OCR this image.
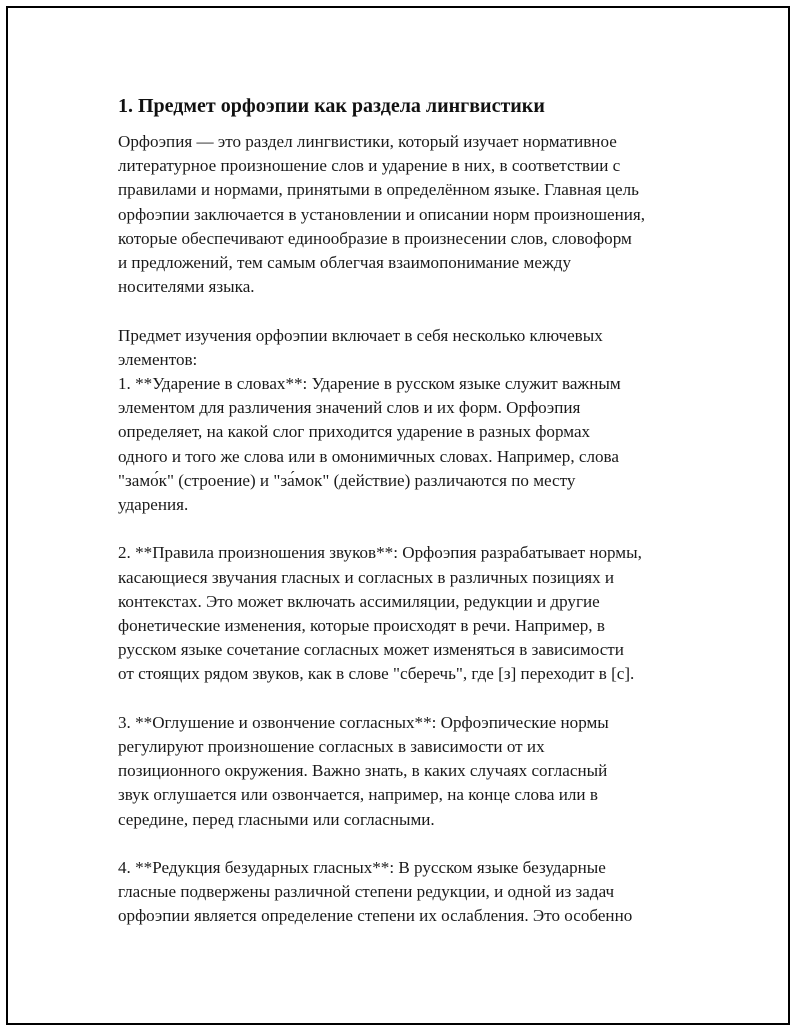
1. Предмет орфоэпии как раздела лингвистики
Орфоэпия — это раздел лингвистики, который изучает нормативное
литературное произношение слов и ударение в них, в соответствии с
правилами и нормами, принятыми в определённом языке. Главная цель
орфоэпии заключается в установлении и описании норм произношения,
которые обеспечивают единообразие в произнесении слов, словоформ
и предложений, тем самым облегчая взаимопонимание между
носителями языка.
Предмет изучения орфоэпии включает в себя несколько ключевых
элементов:
1. **Ударение в словах**: Ударение в русском языке служит важным
элементом для различения значений слов и их форм. Орфоэпия
определяет, на какой слог приходится ударение в разных формах
одного и того же слова или в омонимичных словах. Например, слова
"замо́к" (строение) и "за́мок" (действие) различаются по месту
ударения.
2. **Правила произношения звуков**: Орфоэпия разрабатывает нормы,
касающиеся звучания гласных и согласных в различных позициях и
контекстах. Это может включать ассимиляции, редукции и другие
фонетические изменения, которые происходят в речи. Например, в
русском языке сочетание согласных может изменяться в зависимости
от стоящих рядом звуков, как в слове "сберечь", где [з] переходит в [с].
3. **Оглушение и озвончение согласных**: Орфоэпические нормы
регулируют произношение согласных в зависимости от их
позиционного окружения. Важно знать, в каких случаях согласный
звук оглушается или озвончается, например, на конце слова или в
середине, перед гласными или согласными.
4. **Редукция безударных гласных**: В русском языке безударные
гласные подвержены различной степени редукции, и одной из задач
орфоэпии является определение степени их ослабления. Это особенно
